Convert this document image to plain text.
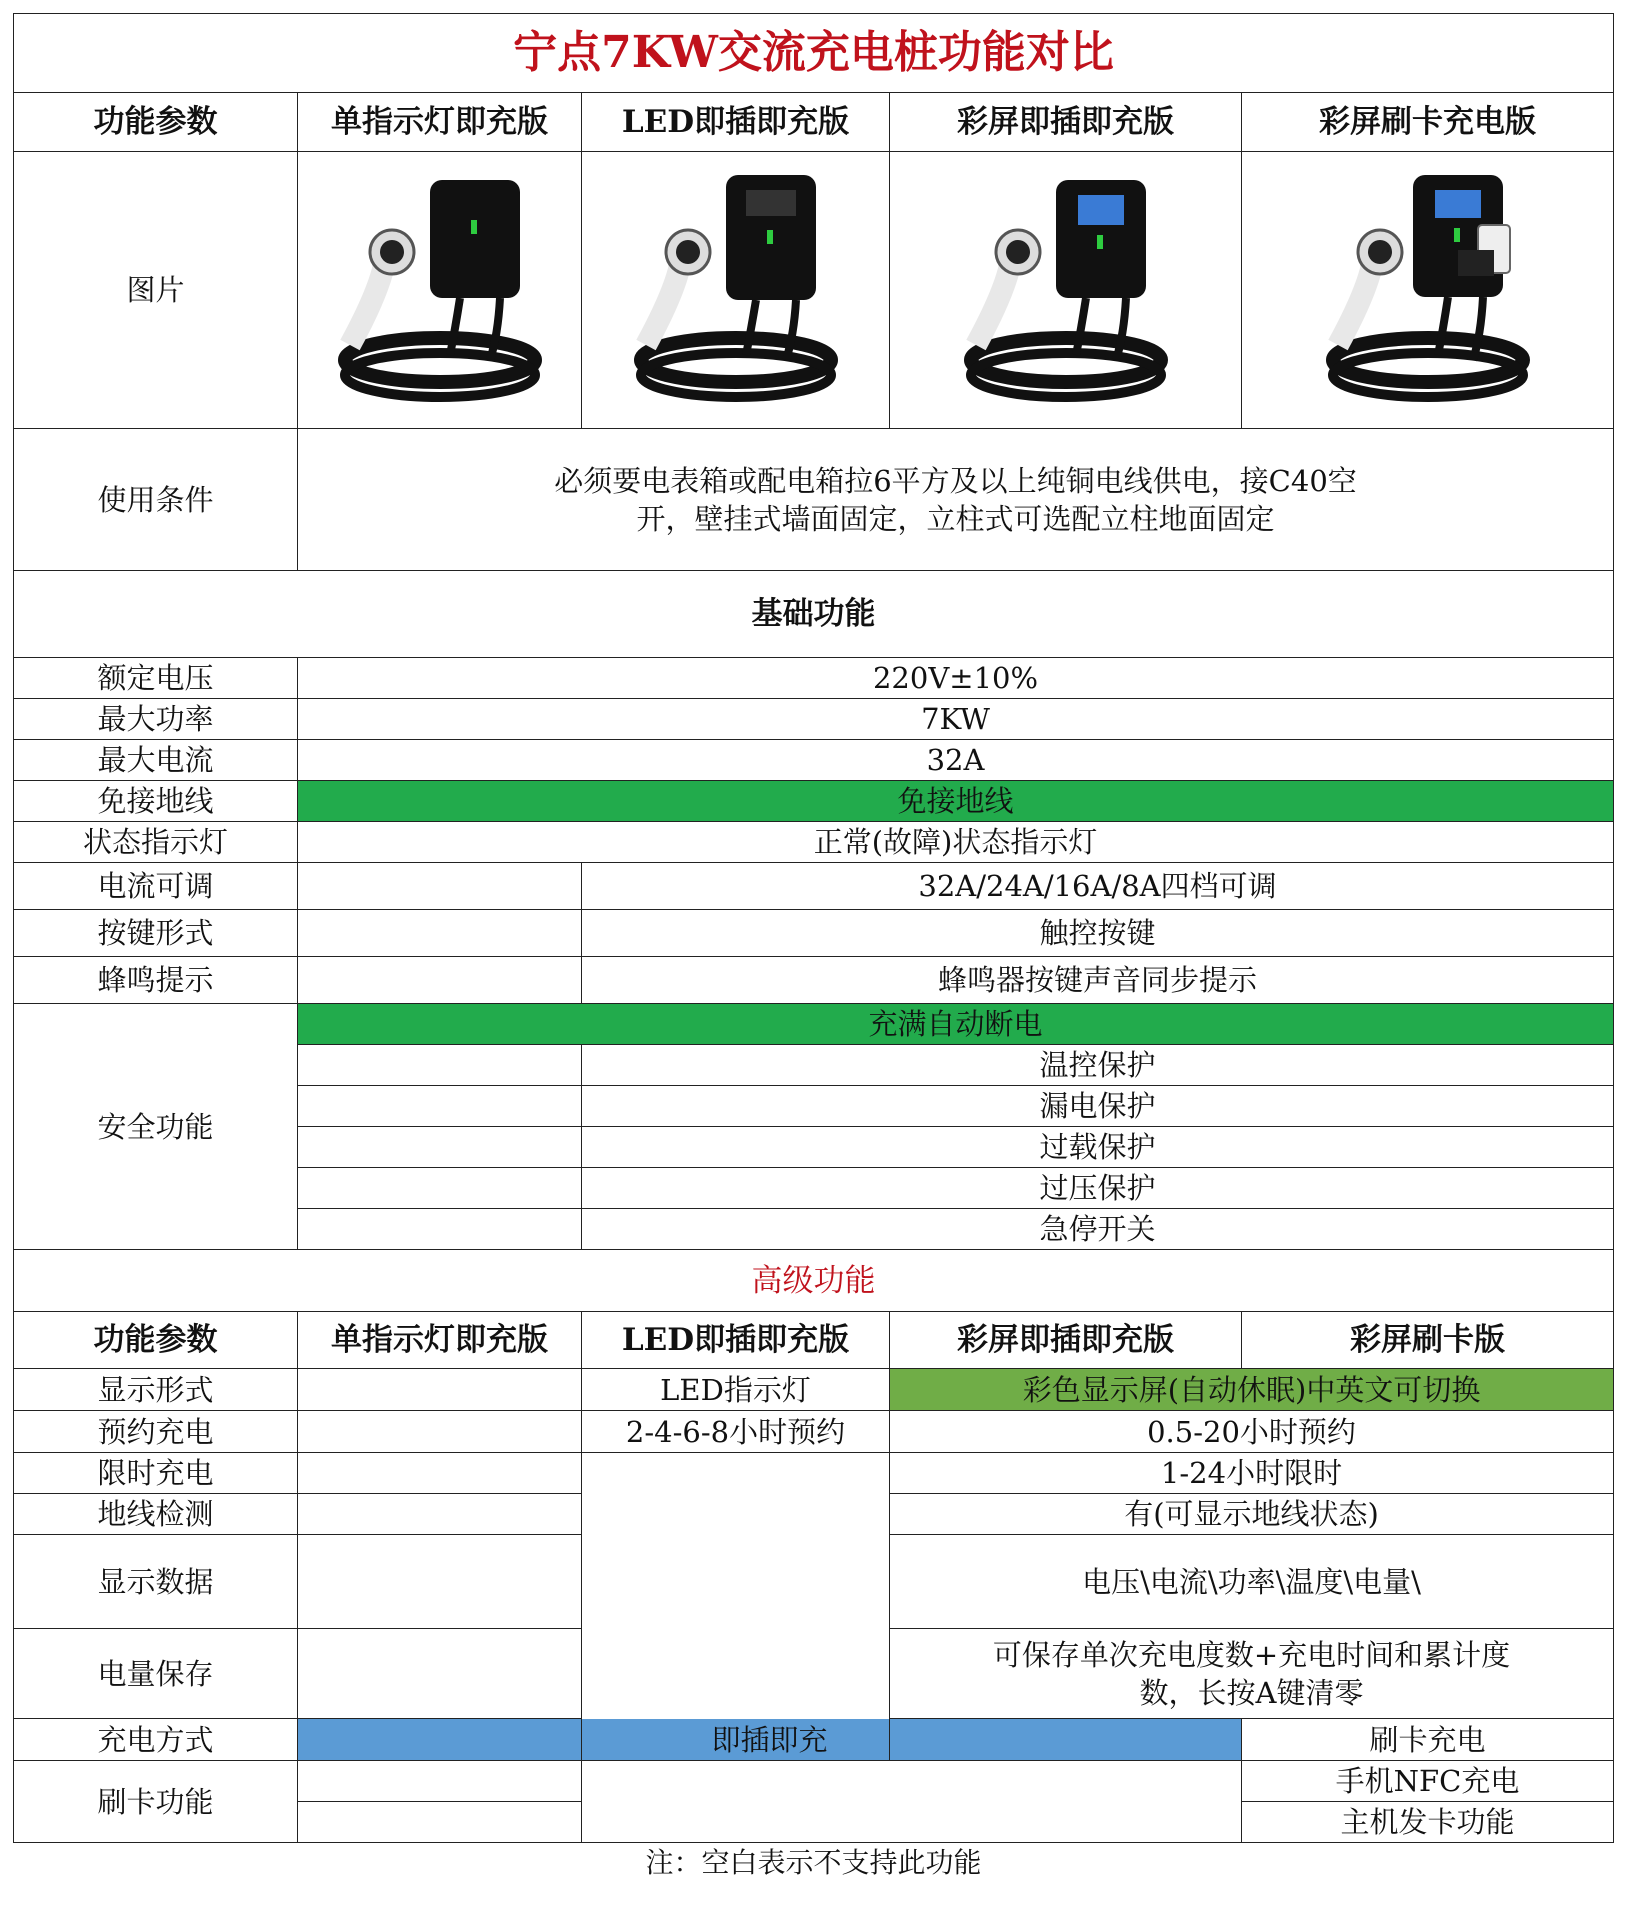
宁点7KW交流充电桩功能对比				
功能参数	单指示灯即充版	LED即插即充版	彩屏即插即充版	彩屏刷卡充电版
图片	

使用条件	必须要电表箱或配电箱拉6平方及以上纯铜电线供电，接C40空
开，壁挂式墙面固定，立柱式可选配立柱地面固定			

基础功能				
额定电压	220V±10%			
最大功率	7KW			
最大电流	32A			
免接地线	免接地线			
状态指示灯	正常(故障)状态指示灯			
电流可调		32A/24A/16A/8A四档可调		
按键形式		触控按键		
蜂鸣提示		蜂鸣器按键声音同步提示		
安全功能	充满自动断电			
		温控保护		
		漏电保护		
		过载保护		
		过压保护		
		急停开关		
高级功能				
功能参数	单指示灯即充版	LED即插即充版	彩屏即插即充版	彩屏刷卡版
显示形式		LED指示灯	彩色显示屏(自动休眠)中英文可切换	
预约充电		2-4-6-8小时预约	0.5-20小时预约	
限时充电			1-24小时限时	
地线检测			有(可显示地线状态)	
显示数据			电压\电流\功率\温度\电量\	
电量保存			可保存单次充电度数+充电时间和累计度
数，长按A键清零	

充电方式	即插即充			刷卡充电
刷卡功能				手机NFC充电
				主机发卡功能
注：空白表示不支持此功能				
